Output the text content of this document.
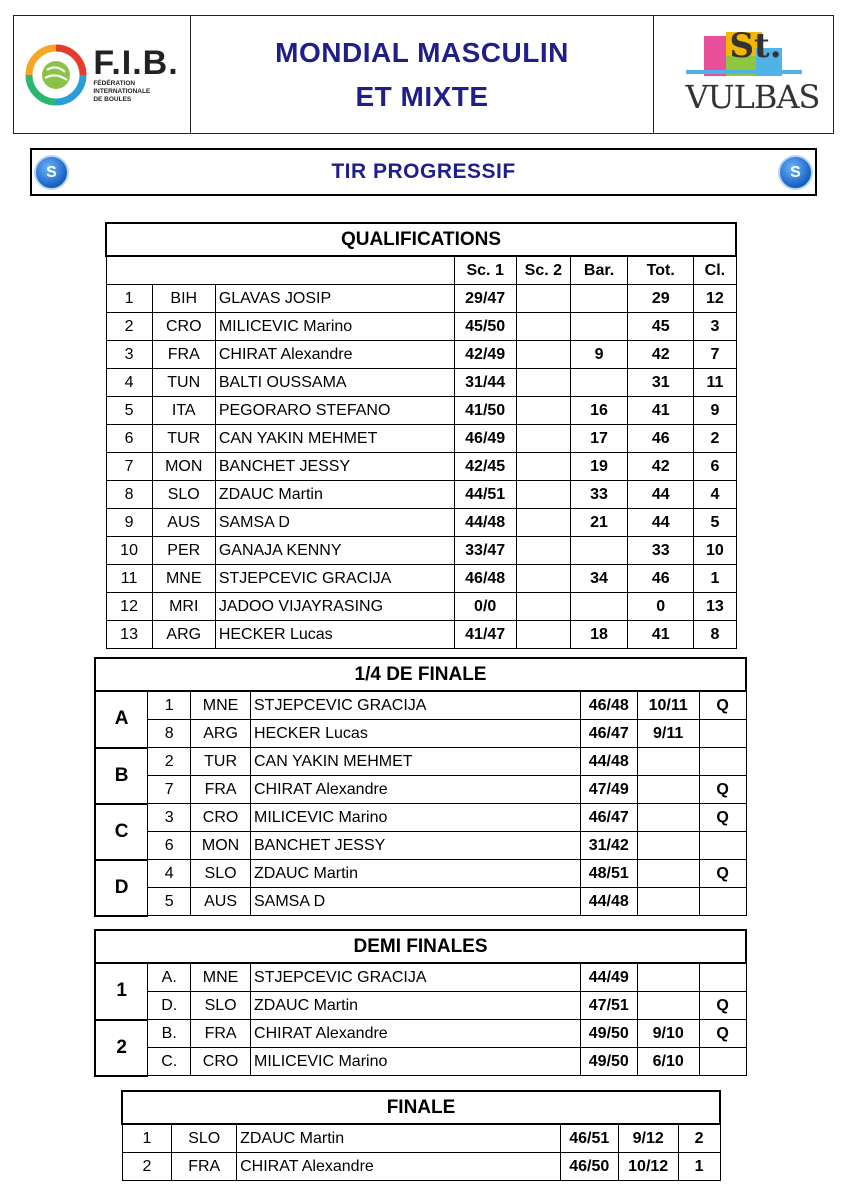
F.I.B.
FÉDÉRATION
INTERNATIONALE
DE BOULES
MONDIAL MASCULIN
ET MIXTE
St.
VULBAS
S	TIR PROGRESSIF	S
QUALIFICATIONS							
			Sc. 1	Sc. 2	Bar.	Tot.	Cl.
1	BIH	GLAVAS JOSIP	29/47			29	12
2	CRO	MILICEVIC Marino	45/50			45	3
3	FRA	CHIRAT Alexandre	42/49		9	42	7
4	TUN	BALTI OUSSAMA	31/44			31	11
5	ITA	PEGORARO STEFANO	41/50		16	41	9
6	TUR	CAN YAKIN MEHMET	46/49		17	46	2
7	MON	BANCHET JESSY	42/45		19	42	6
8	SLO	ZDAUC Martin	44/51		33	44	4
9	AUS	SAMSA D	44/48		21	44	5
10	PER	GANAJA KENNY	33/47			33	10
11	MNE	STJEPCEVIC GRACIJA	46/48		34	46	1
12	MRI	JADOO VIJAYRASING	0/0			0	13
13	ARG	HECKER Lucas	41/47		18	41	8
1/4 DE FINALE						
A	1	MNE	STJEPCEVIC GRACIJA	46/48	10/11	Q
	8	ARG	HECKER Lucas	46/47	9/11	
B	2	TUR	CAN YAKIN MEHMET	44/48		
	7	FRA	CHIRAT Alexandre	47/49		Q
C	3	CRO	MILICEVIC Marino	46/47		Q
	6	MON	BANCHET JESSY	31/42		
D	4	SLO	ZDAUC Martin	48/51		Q
	5	AUS	SAMSA D	44/48		
DEMI FINALES						
1	A.	MNE	STJEPCEVIC GRACIJA	44/49		
	D.	SLO	ZDAUC Martin	47/51		Q
2	B.	FRA	CHIRAT Alexandre	49/50	9/10	Q
	C.	CRO	MILICEVIC Marino	49/50	6/10	
FINALE					
1	SLO	ZDAUC Martin	46/51	9/12	2
2	FRA	CHIRAT Alexandre	46/50	10/12	1
